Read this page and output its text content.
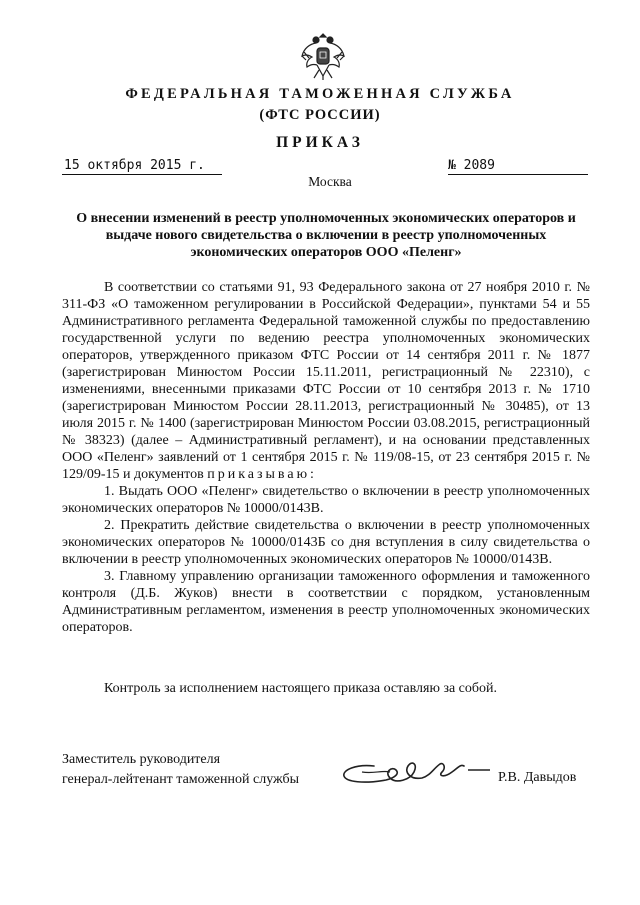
ФЕДЕРАЛЬНАЯ ТАМОЖЕННАЯ СЛУЖБА
(ФТС РОССИИ)
ПРИКАЗ
15 октября 2015 г.	№ 2089
Москва
О внесении изменений в реестр уполномоченных экономических операторов и выдаче нового свидетельства о включении в реестр уполномоченных экономических операторов ООО «Пеленг»

В соответствии со статьями 91, 93 Федерального закона от 27 ноября 2010 г. № 311-ФЗ «О таможенном регулировании в Российской Федерации», пунктами 54 и 55 Административного регламента Федеральной таможенной службы по предоставлению государственной услуги по ведению реестра уполномоченных экономических операторов, утвержденного приказом ФТС России от 14 сентября 2011 г. № 1877 (зарегистрирован Минюстом России 15.11.2011, регистрационный № 22310), с изменениями, внесенными приказами ФТС России от 10 сентября 2013 г. № 1710 (зарегистрирован Минюстом России 28.11.2013, регистрационный № 30485), от 13 июля 2015 г. № 1400 (зарегистрирован Минюстом России 03.08.2015, регистрационный № 38323) (далее – Административный регламент), и на основании представленных ООО «Пеленг» заявлений от 1 сентября 2015 г. № 119/08-15, от 23 сентября 2015 г. № 129/09-15 и документов приказываю:

1. Выдать ООО «Пеленг» свидетельство о включении в реестр уполномоченных экономических операторов № 10000/0143В.

2. Прекратить действие свидетельства о включении в реестр уполномоченных экономических операторов № 10000/0143Б со дня вступления в силу свидетельства о включении в реестр уполномоченных экономических операторов № 10000/0143В.

3. Главному управлению организации таможенного оформления и таможенного контроля (Д.Б. Жуков) внести в соответствии с порядком, установленным Административным регламентом, изменения в реестр уполномоченных экономических операторов.

Контроль за исполнением настоящего приказа оставляю за собой.
Заместитель руководителя
генерал-лейтенант таможенной службы	Р.В. Давыдов
